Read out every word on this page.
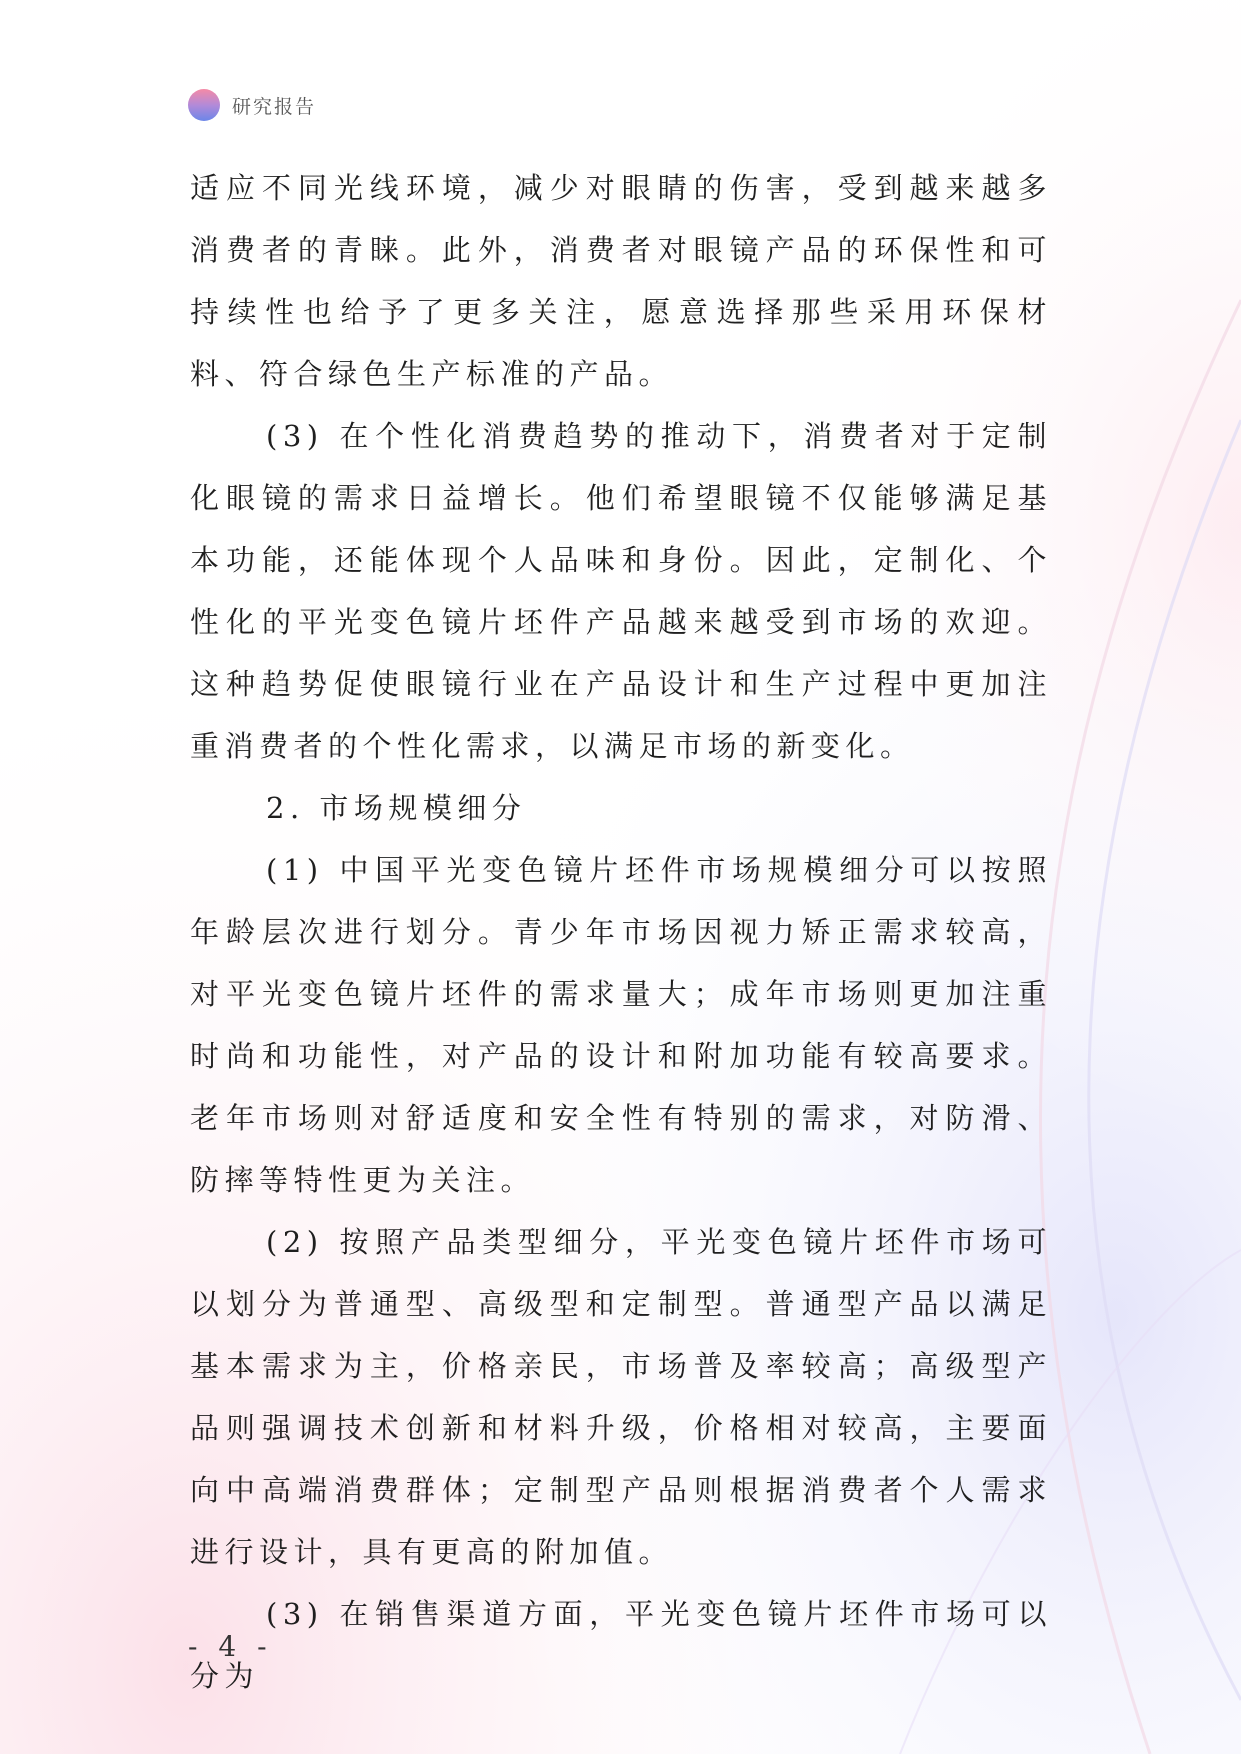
研究报告

适应不同光线环境，减少对眼睛的伤害，受到越来越多消费者的青睐。此外，消费者对眼镜产品的环保性和可持续性也给予了更多关注，愿意选择那些采用环保材料、符合绿色生产标准的产品。

(3) 在个性化消费趋势的推动下，消费者对于定制化眼镜的需求日益增长。他们希望眼镜不仅能够满足基本功能，还能体现个人品味和身份。因此，定制化、个性化的平光变色镜片坯件产品越来越受到市场的欢迎。这种趋势促使眼镜行业在产品设计和生产过程中更加注重消费者的个性化需求，以满足市场的新变化。

2. 市场规模细分

(1) 中国平光变色镜片坯件市场规模细分可以按照年龄层次进行划分。青少年市场因视力矫正需求较高，对平光变色镜片坯件的需求量大；成年市场则更加注重时尚和功能性，对产品的设计和附加功能有较高要求。老年市场则对舒适度和安全性有特别的需求，对防滑、防摔等特性更为关注。

(2) 按照产品类型细分，平光变色镜片坯件市场可以划分为普通型、高级型和定制型。普通型产品以满足基本需求为主，价格亲民，市场普及率较高；高级型产品则强调技术创新和材料升级，价格相对较高，主要面向中高端消费群体；定制型产品则根据消费者个人需求进行设计，具有更高的附加值。

(3) 在销售渠道方面，平光变色镜片坯件市场可以分为

- 4 -
